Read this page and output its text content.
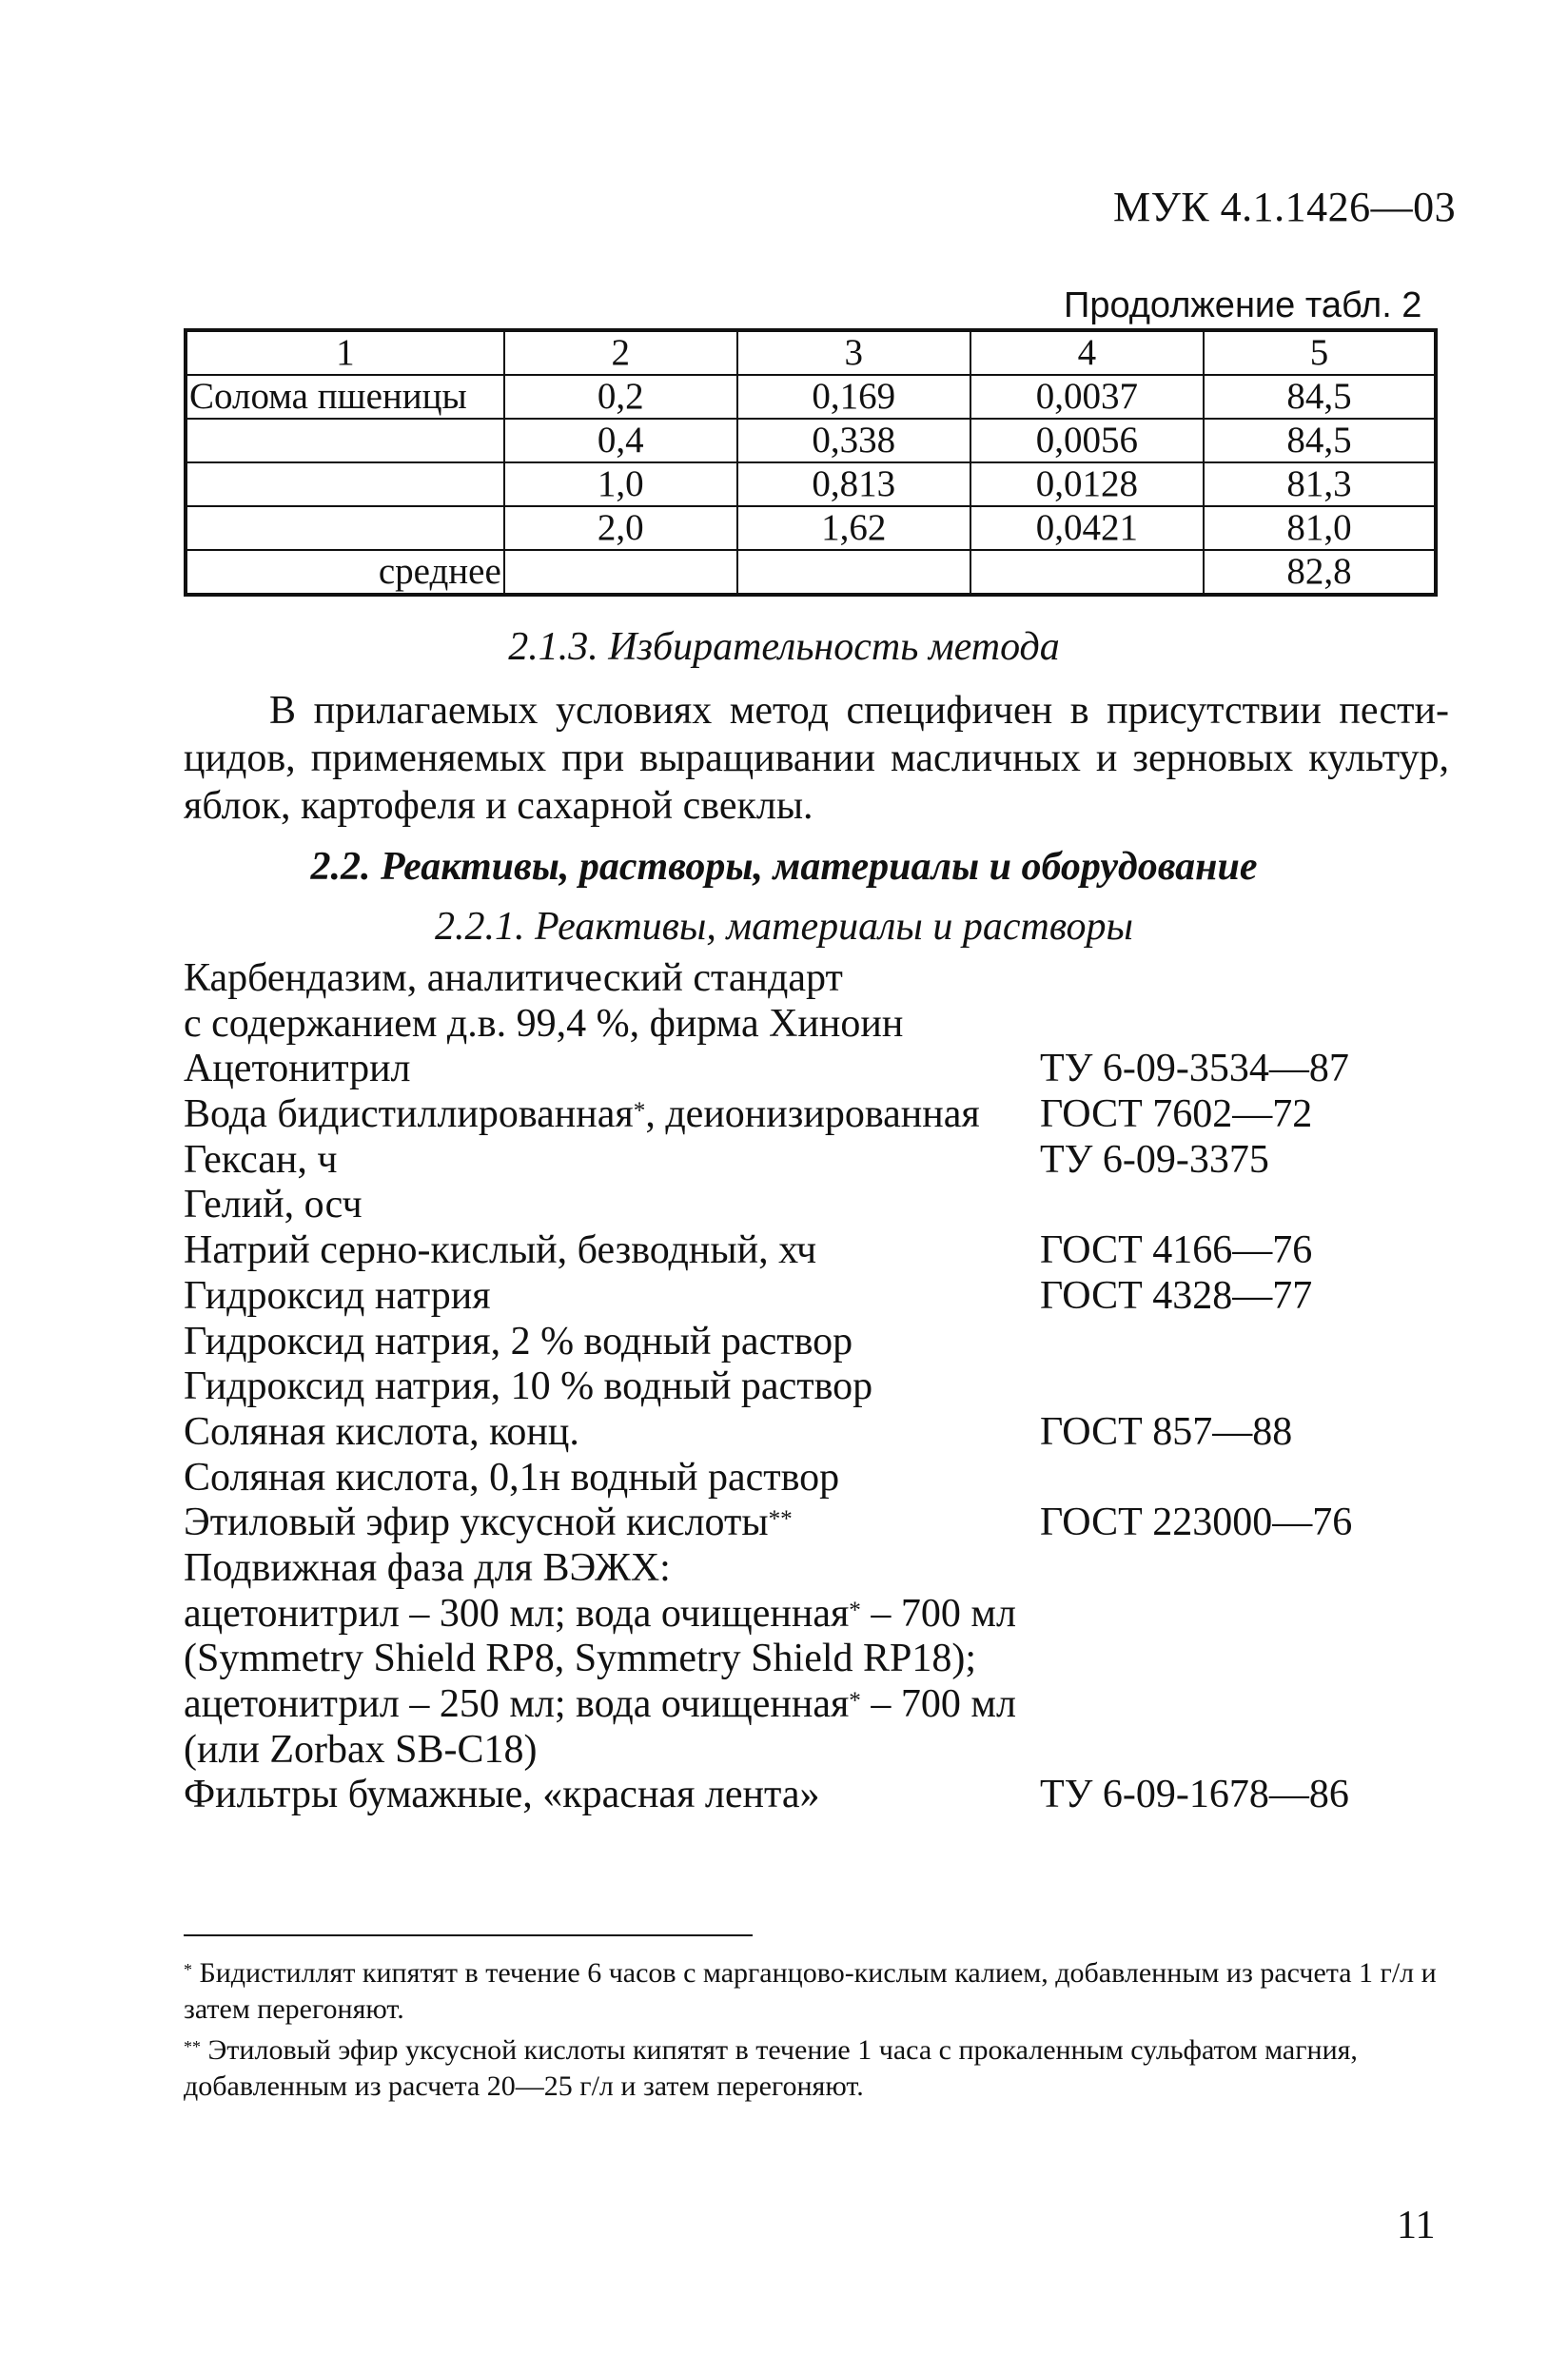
МУК 4.1.1426—03
Продолжение табл. 2
1	2	3	4	5
Солома пшеницы	0,2	0,169	0,0037	84,5
	0,4	0,338	0,0056	84,5
	1,0	0,813	0,0128	81,3
	2,0	1,62	0,0421	81,0
среднее				82,8
2.1.3. Избирательность метода
В прилагаемых условиях метод специфичен в присутствии пести-
цидов, применяемых при выращивании масличных и зерновых культур,
яблок, картофеля и сахарной свеклы.
2.2. Реактивы, растворы, материалы и оборудование
2.2.1. Реактивы, материалы и растворы
Карбендазим, аналитический стандарт
с содержанием д.в. 99,4 %, фирма Хиноин
Ацетонитрил	ТУ 6-09-3534—87
Вода бидистиллированная*, деионизированная	ГОСТ 7602—72
Гексан, ч	ТУ 6-09-3375
Гелий, осч
Натрий серно-кислый, безводный, хч	ГОСТ 4166—76
Гидроксид натрия	ГОСТ 4328—77
Гидроксид натрия, 2 % водный раствор
Гидроксид натрия, 10 % водный раствор
Соляная кислота, конц.	ГОСТ 857—88
Соляная кислота, 0,1н водный раствор
Этиловый эфир уксусной кислоты**	ГОСТ 223000—76
Подвижная фаза для ВЭЖХ:
ацетонитрил – 300 мл; вода очищенная* – 700 мл
(Symmetry Shield RP8, Symmetry Shield RP18);
ацетонитрил – 250 мл; вода очищенная* – 700 мл
(или Zorbax SB-C18)
Фильтры бумажные, «красная лента»	ТУ 6-09-1678—86
* Бидистиллят кипятят в течение 6 часов с марганцово-кислым калием, добавленным из расчета 1 г/л и затем перегоняют.
** Этиловый эфир уксусной кислоты кипятят в течение 1 часа с прокаленным сульфатом магния, добавленным из расчета 20—25 г/л и затем перегоняют.
11
